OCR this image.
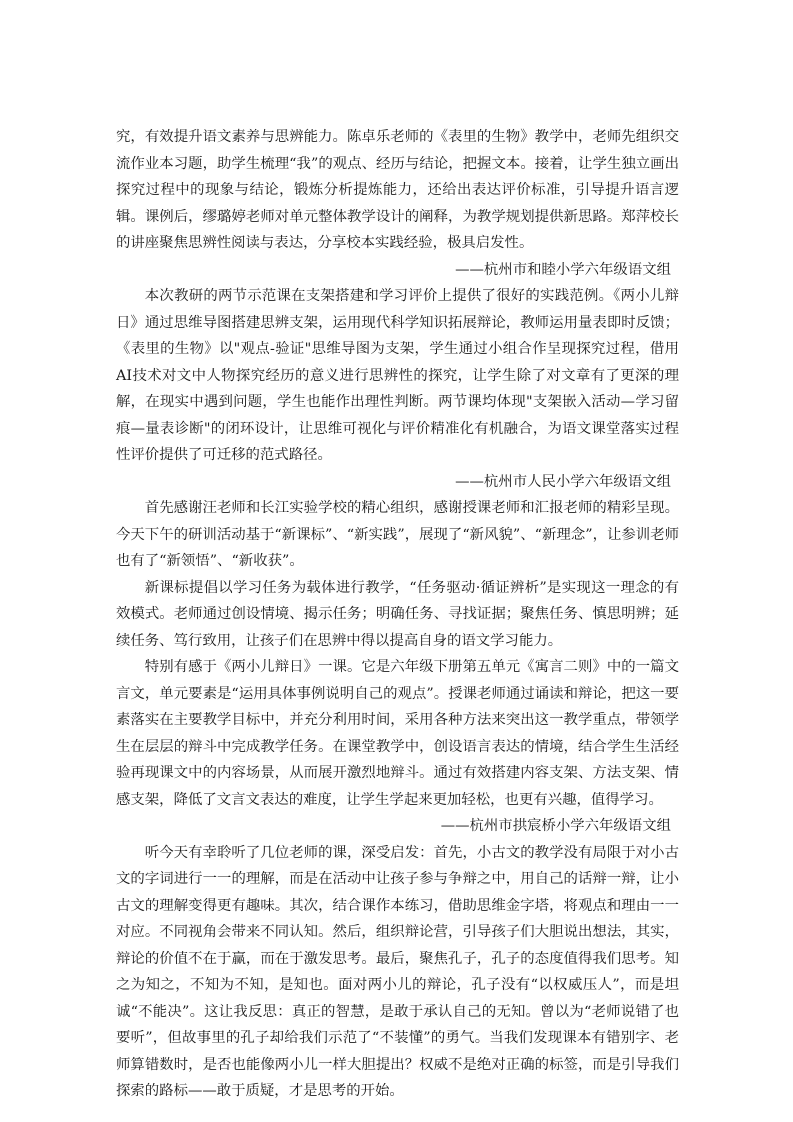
究，有效提升语文素养与思辨能力。陈卓乐老师的《表里的生物》教学中，老师先组织交流作业本习题，助学生梳理“我”的观点、经历与结论，把握文本。接着，让学生独立画出探究过程中的现象与结论，锻炼分析提炼能力，还给出表达评价标准，引导提升语言逻辑。课例后，缪璐婷老师对单元整体教学设计的阐释，为教学规划提供新思路。郑萍校长的讲座聚焦思辨性阅读与表达，分享校本实践经验，极具启发性。

——杭州市和睦小学六年级语文组

本次教研的两节示范课在支架搭建和学习评价上提供了很好的实践范例。《两小儿辩日》通过思维导图搭建思辨支架，运用现代科学知识拓展辩论，教师运用量表即时反馈；《表里的生物》以"观点-验证"思维导图为支架，学生通过小组合作呈现探究过程，借用AI技术对文中人物探究经历的意义进行思辨性的探究，让学生除了对文章有了更深的理解，在现实中遇到问题，学生也能作出理性判断。两节课均体现"支架嵌入活动—学习留痕—量表诊断"的闭环设计，让思维可视化与评价精准化有机融合，为语文课堂落实过程性评价提供了可迁移的范式路径。

——杭州市人民小学六年级语文组

首先感谢汪老师和长江实验学校的精心组织，感谢授课老师和汇报老师的精彩呈现。今天下午的研训活动基于“新课标”、“新实践”，展现了“新风貌”、“新理念”，让参训老师也有了“新领悟”、“新收获”。

新课标提倡以学习任务为载体进行教学，“任务驱动·循证辨析”是实现这一理念的有效模式。老师通过创设情境、揭示任务；明确任务、寻找证据；聚焦任务、慎思明辨；延续任务、笃行致用，让孩子们在思辨中得以提高自身的语文学习能力。

特别有感于《两小儿辩日》一课。它是六年级下册第五单元《寓言二则》中的一篇文言文，单元要素是“运用具体事例说明自己的观点”。授课老师通过诵读和辩论，把这一要素落实在主要教学目标中，并充分利用时间，采用各种方法来突出这一教学重点，带领学生在层层的辩斗中完成教学任务。在课堂教学中，创设语言表达的情境，结合学生生活经验再现课文中的内容场景，从而展开激烈地辩斗。通过有效搭建内容支架、方法支架、情感支架，降低了文言文表达的难度，让学生学起来更加轻松，也更有兴趣，值得学习。

——杭州市拱宸桥小学六年级语文组

听今天有幸聆听了几位老师的课，深受启发：首先，小古文的教学没有局限于对小古文的字词进行一一的理解，而是在活动中让孩子参与争辩之中，用自己的话辩一辩，让小古文的理解变得更有趣味。其次，结合课作本练习，借助思维金字塔，将观点和理由一一对应。不同视角会带来不同认知。然后，组织辩论营，引导孩子们大胆说出想法，其实，辩论的价值不在于赢，而在于激发思考。最后，聚焦孔子，孔子的态度值得我们思考。知之为知之，不知为不知，是知也。面对两小儿的辩论，孔子没有“以权威压人”，而是坦诚“不能决”。这让我反思：真正的智慧，是敢于承认自己的无知。曾以为“老师说错了也要听”，但故事里的孔子却给我们示范了“不装懂”的勇气。当我们发现课本有错别字、老师算错数时，是否也能像两小儿一样大胆提出？权威不是绝对正确的标签，而是引导我们探索的路标——敢于质疑，才是思考的开始。
